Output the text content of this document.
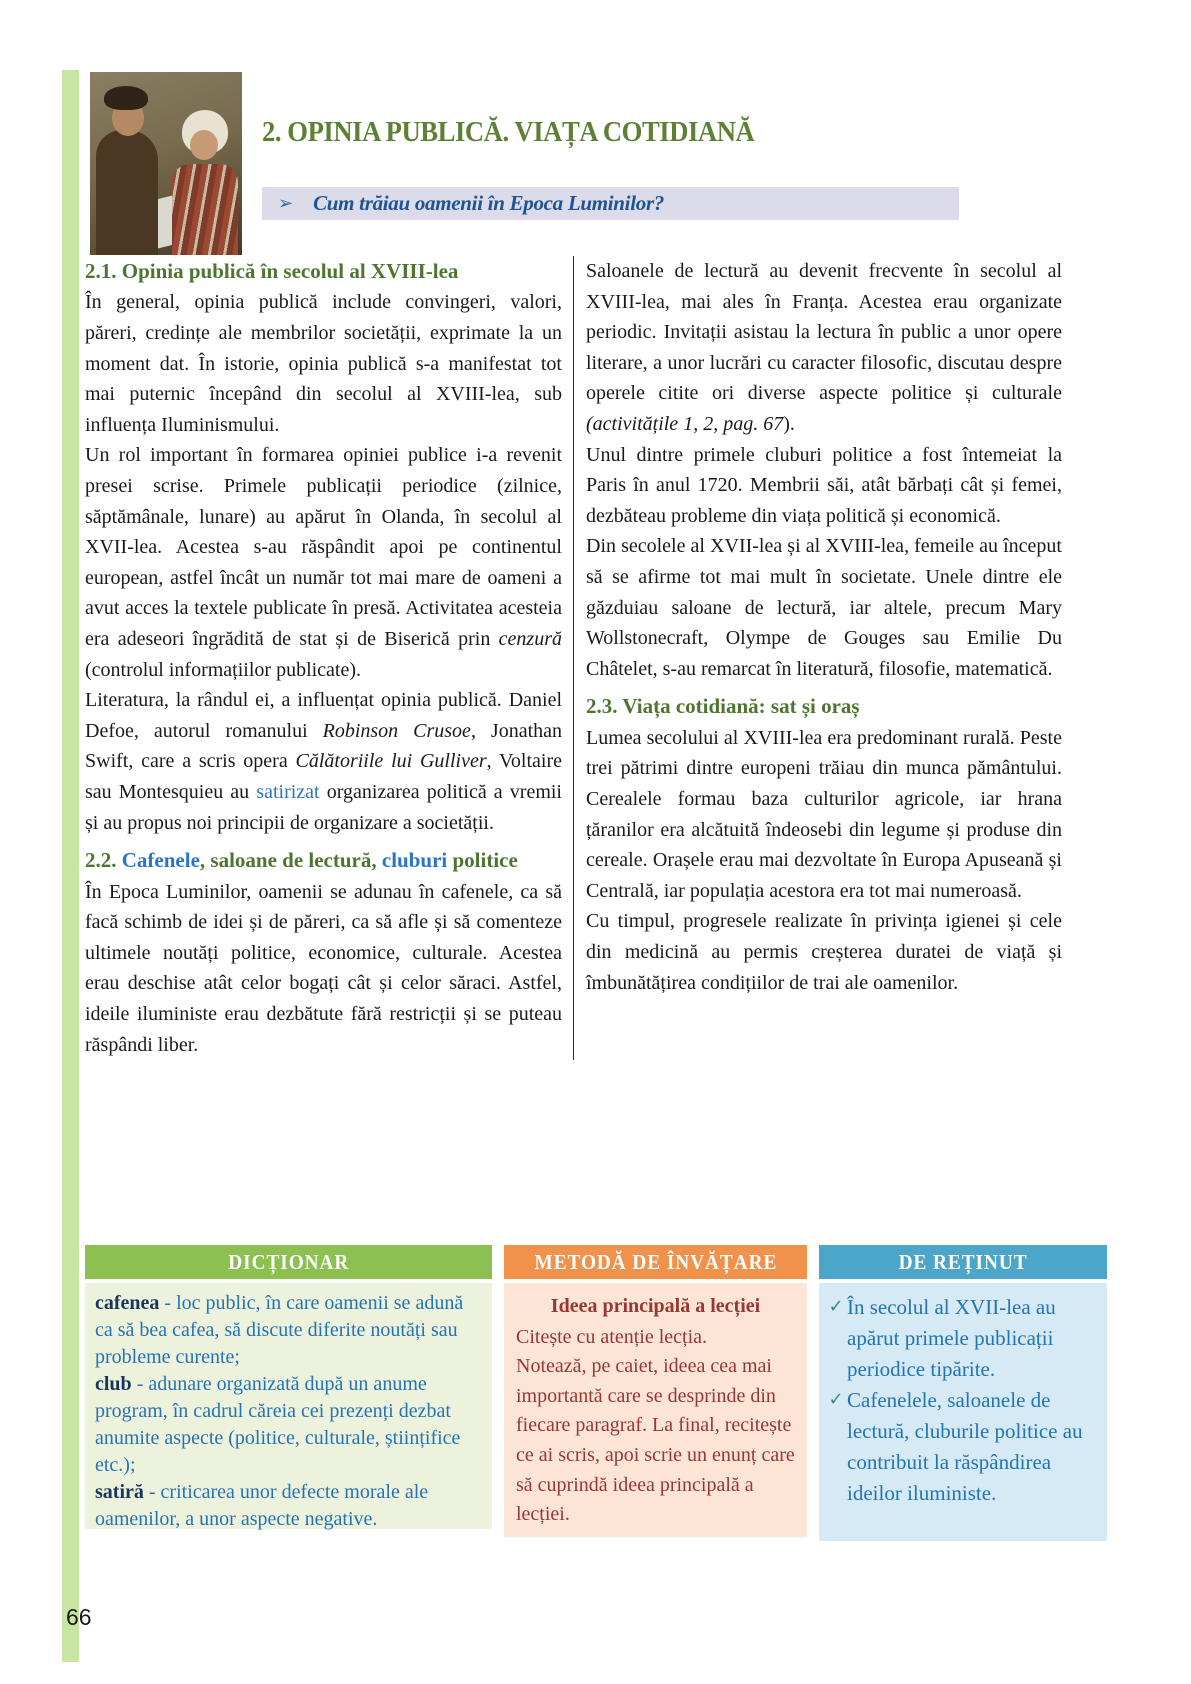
2. OPINIA PUBLICĂ. VIAȚA COTIDIANĂ
➢ Cum trăiau oamenii în Epoca Luminilor?
2.1. Opinia publică în secolul al XVIII-lea

În general, opinia publică include convingeri, valori, păreri, credințe ale membrilor societății, exprimate la un moment dat. În istorie, opinia publică s-a manifestat tot mai puternic începând din secolul al XVIII-lea, sub influența Iluminismului.

Un rol important în formarea opiniei publice i-a revenit presei scrise. Primele publicații periodice (zilnice, săptămânale, lunare) au apărut în Olanda, în secolul al XVII-lea. Acestea s-au răspândit apoi pe continentul european, astfel încât un număr tot mai mare de oameni a avut acces la textele publicate în presă. Activitatea acesteia era adeseori îngrădită de stat și de Biserică prin cenzură (controlul informațiilor publicate).

Literatura, la rândul ei, a influențat opinia publică. Daniel Defoe, autorul romanului Robinson Crusoe, Jonathan Swift, care a scris opera Călătoriile lui Gulliver, Voltaire sau Montesquieu au satirizat organizarea politică a vremii și au propus noi principii de organizare a societății.

2.2. Cafenele, saloane de lectură, cluburi politice

În Epoca Luminilor, oamenii se adunau în cafenele, ca să facă schimb de idei și de păreri, ca să afle și să comenteze ultimele noutăți politice, economice, culturale. Acestea erau deschise atât celor bogați cât și celor săraci. Astfel, ideile iluministe erau dezbătute fără restricții și se puteau răspândi liber.

Saloanele de lectură au devenit frecvente în secolul al XVIII-lea, mai ales în Franța. Acestea erau organizate periodic. Invitații asistau la lectura în public a unor opere literare, a unor lucrări cu caracter filosofic, discutau despre operele citite ori diverse aspecte politice și culturale (activitățile 1, 2, pag. 67).

Unul dintre primele cluburi politice a fost întemeiat la Paris în anul 1720. Membrii săi, atât bărbați cât și femei, dezbăteau probleme din viața politică și economică.

Din secolele al XVII-lea și al XVIII-lea, femeile au început să se afirme tot mai mult în societate. Unele dintre ele găzduiau saloane de lectură, iar altele, precum Mary Wollstonecraft, Olympe de Gouges sau Emilie Du Châtelet, s-au remarcat în literatură, filosofie, matematică.

2.3. Viața cotidiană: sat și oraș

Lumea secolului al XVIII-lea era predominant rurală. Peste trei pătrimi dintre europeni trăiau din munca pământului. Cerealele formau baza culturilor agricole, iar hrana țăranilor era alcătuită îndeosebi din legume și produse din cereale. Orașele erau mai dezvoltate în Europa Apuseană și Centrală, iar populația acestora era tot mai numeroasă.

Cu timpul, progresele realizate în privința igienei și cele din medicină au permis creșterea duratei de viață și îmbunătățirea condițiilor de trai ale oamenilor.

DICȚIONAR

cafenea - loc public, în care oamenii se adună ca să bea cafea, să discute diferite noutăți sau probleme curente;

club - adunare organizată după un anume program, în cadrul căreia cei prezenți dezbat anumite aspecte (politice, culturale, științifice etc.);

satiră - criticarea unor defecte morale ale oamenilor, a unor aspecte negative.

METODĂ DE ÎNVĂȚARE

Ideea principală a lecției

Citește cu atenție lecția.

Notează, pe caiet, ideea cea mai importantă care se desprinde din fiecare paragraf. La final, recitește ce ai scris, apoi scrie un enunț care să cuprindă ideea principală a lecției.

DE REȚINUT
✓ În secolul al XVII-lea au apărut primele publicații periodice tipărite.
✓ Cafenelele, saloanele de lectură, cluburile politice au contribuit la răspândirea ideilor iluministe.
66
